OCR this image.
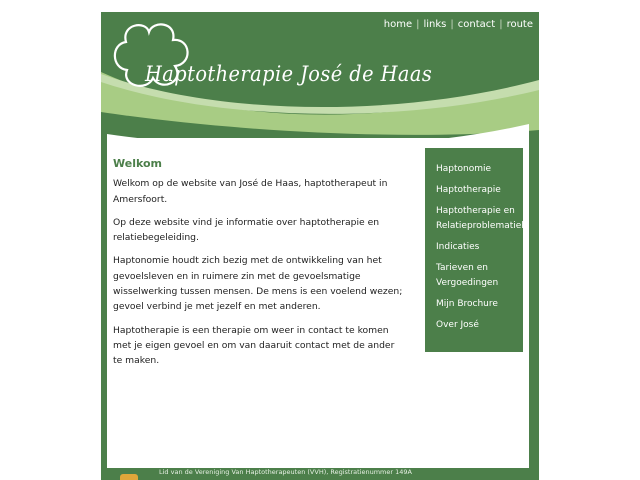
Haptotherapie José de Haas
home | links | contact | route
Welkom

Welkom op de website van José de Haas, haptotherapeut in Amersfoort.

Op deze website vind je informatie over haptotherapie en relatiebegeleiding.

Haptonomie houdt zich bezig met de ontwikkeling van het gevoelsleven en in ruimere zin met de gevoelsmatige wisselwerking tussen mensen. De mens is een voelend wezen; gevoel verbind je met jezelf en met anderen.

Haptotherapie is een therapie om weer in contact te komen met je eigen gevoel en om van daaruit contact met de ander te maken.

Haptonomie
Haptotherapie
Haptotherapie en Relatieproblematiek
Indicaties
Tarieven en Vergoedingen
Mijn Brochure
Over José
Lid van de Vereniging Van Haptotherapeuten (VVH), Registratienummer 149A
